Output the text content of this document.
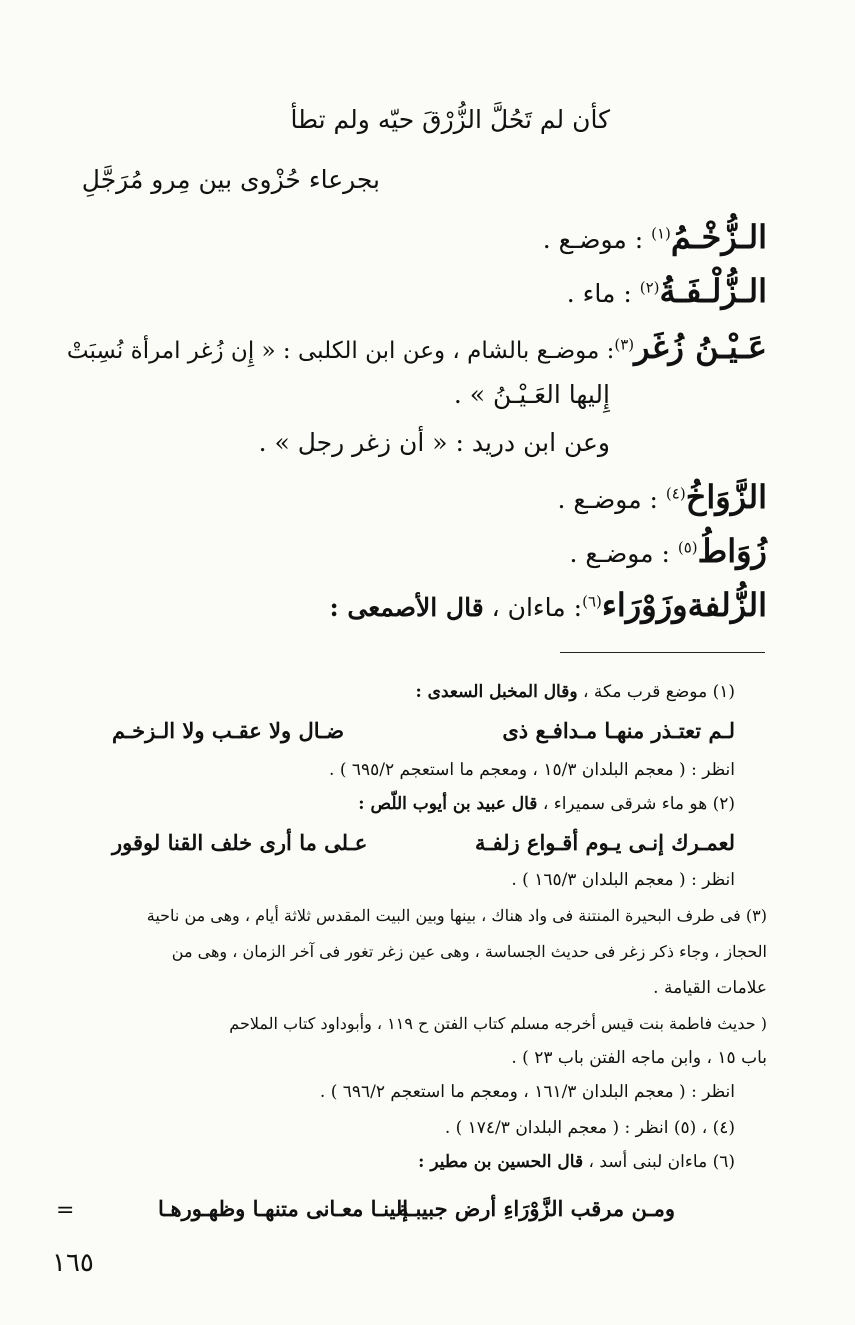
كأن لم تَحُلَّ الزُّرْقَ حيّه ولم تطأ
بجرعاء حُزْوى بين مِرو مُرَجَّلِ
الـزُّخْـمُ$^{(١)}$ : موضـع .
الـزُّلْـفَـةُ$^{(٢)}$ : ماء .
عَـيْـنُ زُغَر$^{(٣)}$: موضـع بالشام ، وعن ابن الكلبى : « إِن زُغر امرأة نُسِبَتْ
إِليها العَـيْـنُ » .
وعن ابن دريد : « أن زغر رجل » .
الزَّوَاخُ$^{(٤)}$ : موضـع .
زُوَاطُ$^{(٥)}$ : موضـع .
الزُّلفةوزَوْرَاء$^{(٦)}$: ماءان ، قال الأصمعى :
(١) موضع قرب مكة ، وقال المخبل السعدى :
لـم تعتـذر منهـا مـدافـع ذى
ضـال ولا عقـب ولا الـزخـم
انظر : ( معجم البلدان ١٥/٣ ، ومعجم ما استعجم ٦٩٥/٢ ) .
(٢) هو ماء شرقى سميراء ، قال عبيد بن أيوب اللّص :
لعمـرك إنـى يـوم أقـواع زلفـة
عـلى ما أرى خلف القنا لوقور
انظر : ( معجم البلدان ١٦٥/٣ ) .
(٣) فى طرف البحيرة المنتنة فى واد هناك ، بينها وبين البيت المقدس ثلاثة أيام ، وهى من ناحية
الحجاز ، وجاء ذكر زغر فى حديث الجساسة ، وهى عين زغر تغور فى آخر الزمان ، وهى من
علامات القيامة .
( حديث فاطمة بنت قيس أخرجه مسلم كتاب الفتن ح ١١٩ ، وأبوداود كتاب الملاحم
باب ١٥ ، وابن ماجه الفتن باب ٢٣ ) .
انظر : ( معجم البلدان ١٦١/٣ ، ومعجم ما استعجم ٦٩٦/٢ ) .
(٤) ، (٥) انظر : ( معجم البلدان ١٧٤/٣ ) .
(٦) ماءان لبنى أسد ، قال الحسين بن مطير :
ومـن مرقب الزَّوْرَاءِ أرض جبيبـة
إلينـا معـانى متنهـا وظهـورهـا
=
١٦٥
